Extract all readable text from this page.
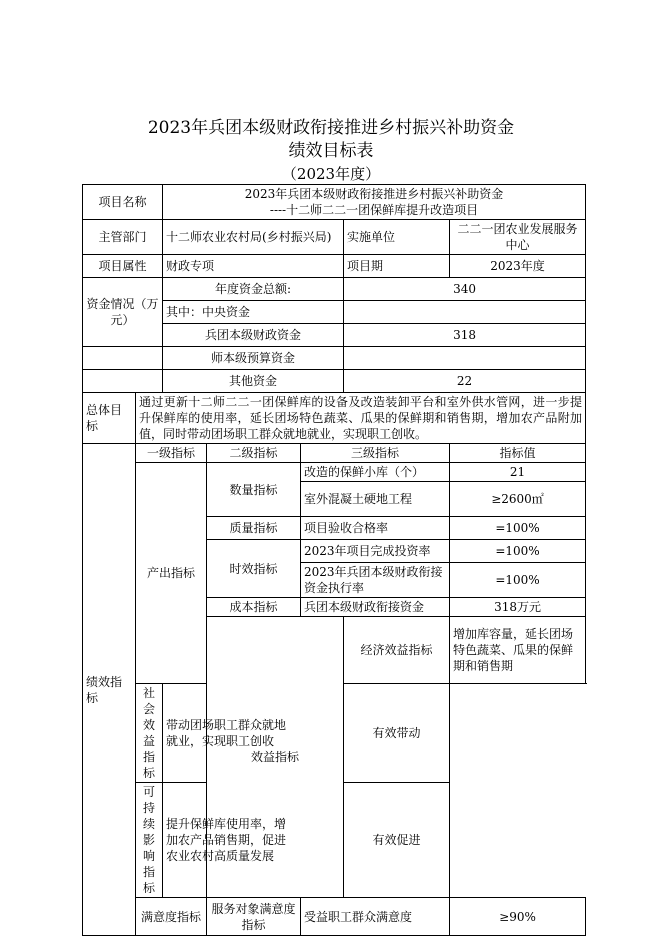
2023年兵团本级财政衔接推进乡村振兴补助资金
绩效目标表
（2023年度）
项目名称		2023年兵团本级财政衔接推进乡村振兴补助资金
----十二师二二一团保鲜库提升改造项目					

主管部门		十二师农业农村局(乡村振兴局)			实施单位	二二一团农业发展服务中心	
项目属性		财政专项			项目期	2023年度	
资金情况（万元）		年度资金总额:			340		
		其中：中央资金					
		兵团本级财政资金			318		
		师本级预算资金					
		其他资金			22		
总体目标	通过更新十二师二二一团保鲜库的设备及改造装卸平台和室外供水管网，进一步提升保鲜库的使用率，延长团场特色蔬菜、瓜果的保鲜期和销售期，增加农产品附加值，同时带动团场职工群众就地就业，实现职工创收。						
绩效指标	一级指标		二级指标	三级指标		指标值	
	产出指标		数量指标	改造的保鲜小库（个）		21	
				室外混凝土硬地工程		≥2600㎡	
			质量指标	项目验收合格率		=100%	
			时效指标	2023年项目完成投资率		=100%	
				2023年兵团本级财政衔接资金执行率		=100%	
			成本指标	兵团本级财政衔接资金		318万元	
			效益指标		经济效益指标	增加库容量，延长团场特色蔬菜、瓜果的保鲜期和销售期	
	社会效益指标	带动团场职工群众就地就业，实现职工创收			有效带动		
	可持续影响指标	提升保鲜库使用率，增加农产品销售期，促进农业农村高质量发展			有效促进		
	满意度指标		服务对象满意度指标	受益职工群众满意度		≥90%	
